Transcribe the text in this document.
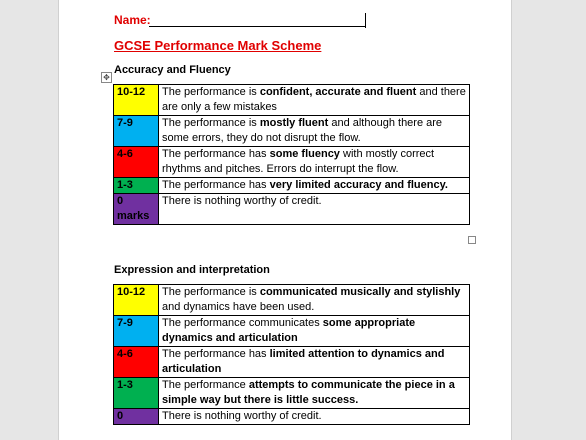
Name:
GCSE Performance Mark Scheme
Accuracy and Fluency
✥
10-12	The performance is confident, accurate and fluent and there are only a few mistakes
7-9	The performance is mostly fluent and although there are some errors, they do not disrupt the flow.
4-6	The performance has some fluency with mostly correct rhythms and pitches. Errors do interrupt the flow.
1-3	The performance has very limited accuracy and fluency.
0 marks	There is nothing worthy of credit.
Expression and interpretation
10-12	The performance is communicated musically and stylishly and dynamics have been used.
7-9	The performance communicates some appropriate dynamics and articulation
4-6	The performance has limited attention to dynamics and articulation
1-3	The performance attempts to communicate the piece in a simple way but there is little success.
0	There is nothing worthy of credit.
